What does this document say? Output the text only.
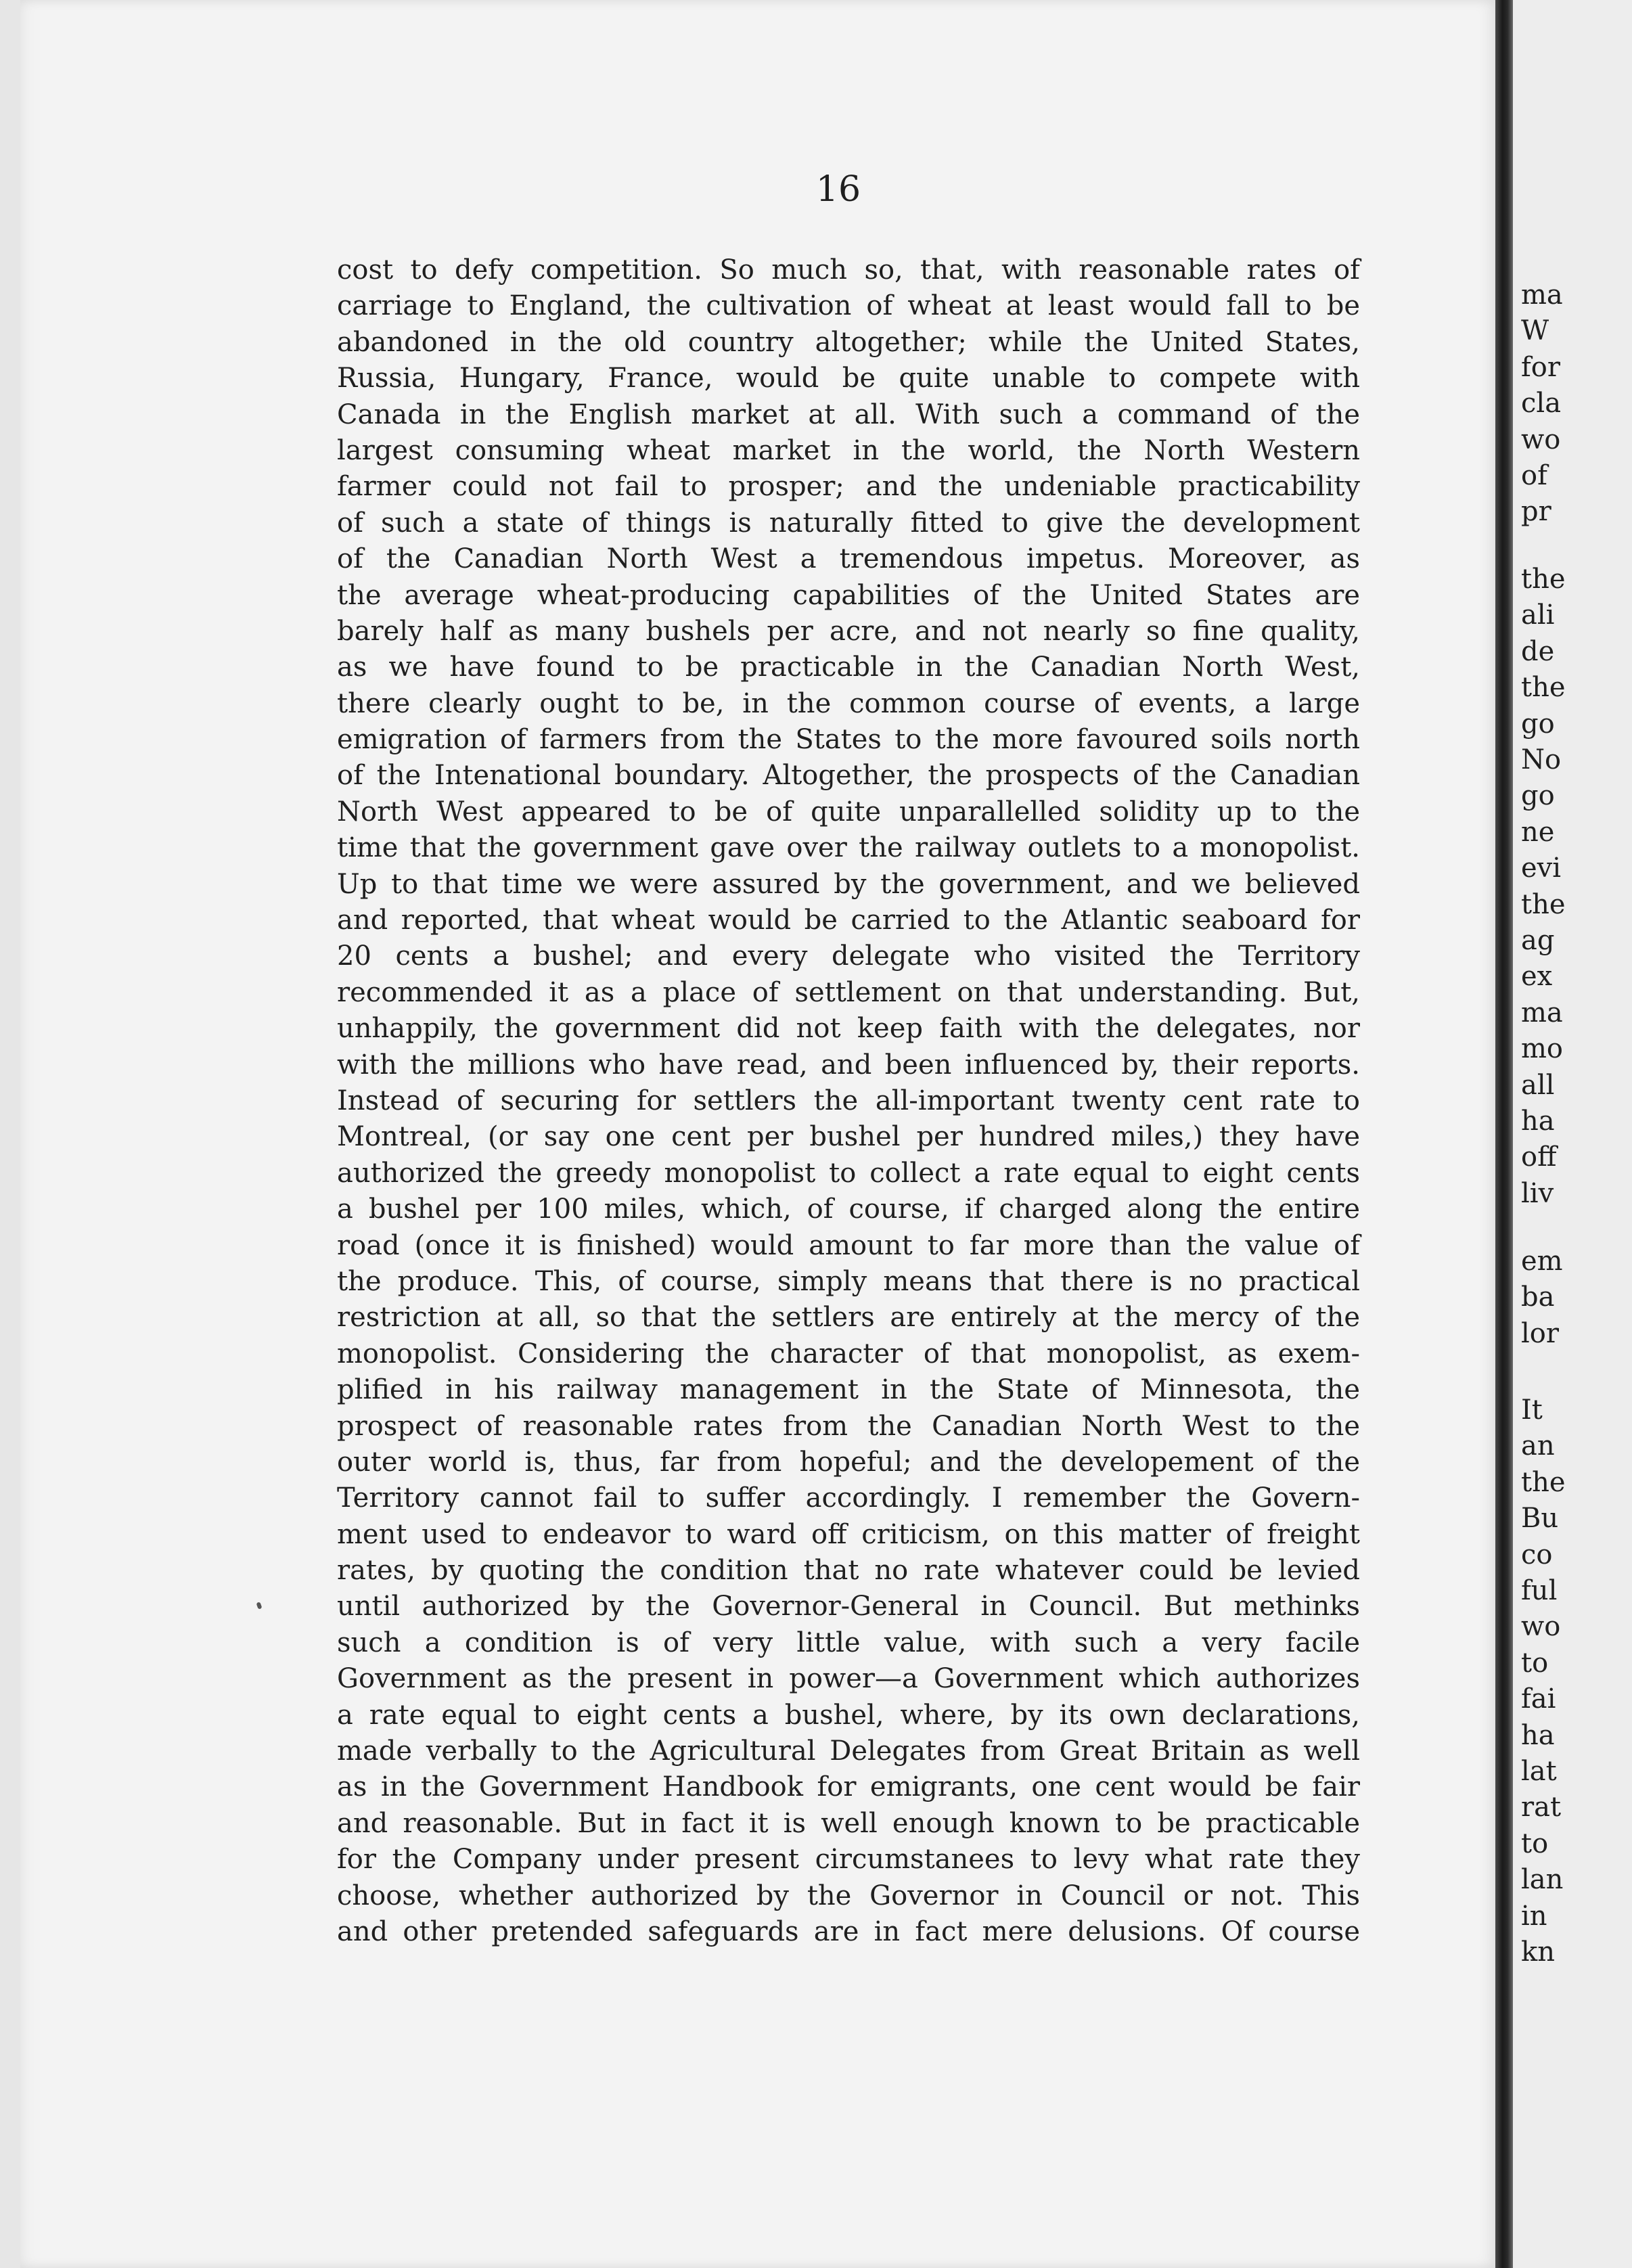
16

cost to defy competition. So much so, that, with reasonable rates of
carriage to England, the cultivation of wheat at least would fall to be
abandoned in the old country altogether; while the United States,
Russia, Hungary, France, would be quite unable to compete with
Canada in the English market at all. With such a command of the
largest consuming wheat market in the world, the North Western
farmer could not fail to prosper; and the undeniable practicability
of such a state of things is naturally fitted to give the development
of the Canadian North West a tremendous impetus. Moreover, as
the average wheat-producing capabilities of the United States are
barely half as many bushels per acre, and not nearly so fine quality,
as we have found to be practicable in the Canadian North West,
there clearly ought to be, in the common course of events, a large
emigration of farmers from the States to the more favoured soils north
of the Intenational boundary. Altogether, the prospects of the Canadian
North West appeared to be of quite unparallelled solidity up to the
time that the government gave over the railway outlets to a monopolist.
Up to that time we were assured by the government, and we believed
and reported, that wheat would be carried to the Atlantic seaboard for
20 cents a bushel; and every delegate who visited the Territory
recommended it as a place of settlement on that understanding. But,
unhappily, the government did not keep faith with the delegates, nor
with the millions who have read, and been influenced by, their reports.
Instead of securing for settlers the all-important twenty cent rate to
Montreal, (or say one cent per bushel per hundred miles,) they have
authorized the greedy monopolist to collect a rate equal to eight cents
a bushel per 100 miles, which, of course, if charged along the entire
road (once it is finished) would amount to far more than the value of
the produce. This, of course, simply means that there is no practical
restriction at all, so that the settlers are entirely at the mercy of the
monopolist. Considering the character of that monopolist, as exem-
plified in his railway management in the State of Minnesota, the
prospect of reasonable rates from the Canadian North West to the
outer world is, thus, far from hopeful; and the developement of the
Territory cannot fail to suffer accordingly. I remember the Govern-
ment used to endeavor to ward off criticism, on this matter of freight
rates, by quoting the condition that no rate whatever could be levied
until authorized by the Governor-General in Council. But methinks
such a condition is of very little value, with such a very facile
Government as the present in power—a Government which authorizes
a rate equal to eight cents a bushel, where, by its own declarations,
made verbally to the Agricultural Delegates from Great Britain as well
as in the Government Handbook for emigrants, one cent would be fair
and reasonable. But in fact it is well enough known to be practicable
for the Company under present circumstanees to levy what rate they
choose, whether authorized by the Governor in Council or not. This
and other pretended safeguards are in fact mere delusions. Of course
ma
W
for
cla
wo
of
pr
the
ali
de
the
go
No
go
ne
evi
the
ag
ex
ma
mo
all
ha
off
liv
em
ba
lor
It
an
the
Bu
co
ful
wo
to
fai
ha
lat
rat
to
lan
in
kn
